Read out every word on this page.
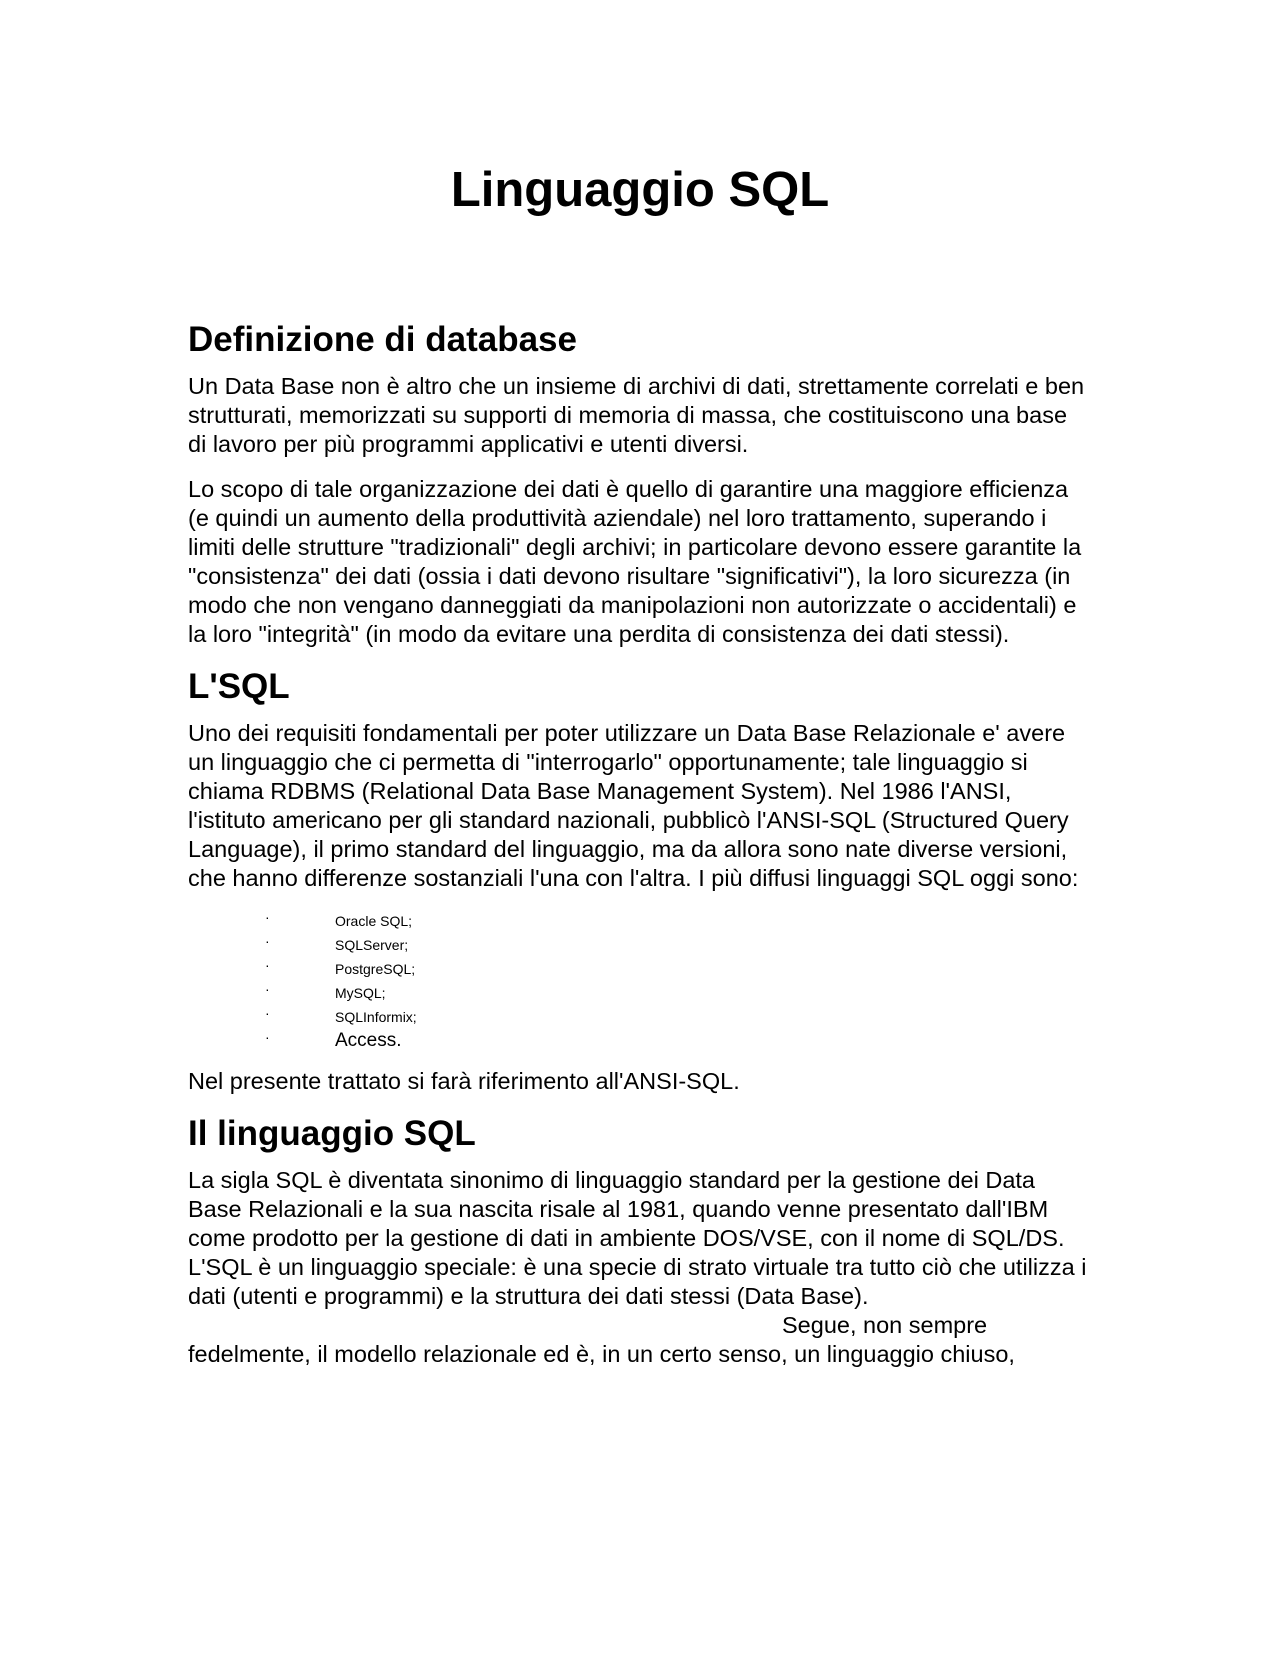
Linguaggio SQL
Definizione di database

Un Data Base non è altro che un insieme di archivi di dati, strettamente correlati e ben strutturati, memorizzati su supporti di memoria di massa, che costituiscono una base di lavoro per più programmi applicativi e utenti diversi.

Lo scopo di tale organizzazione dei dati è quello di garantire una maggiore efficienza (e quindi un aumento della produttività aziendale) nel loro trattamento, superando i limiti delle strutture "tradizionali" degli archivi; in particolare devono essere garantite la "consistenza" dei dati (ossia i dati devono risultare "significativi"), la loro sicurezza (in modo che non vengano danneggiati da manipolazioni non autorizzate o accidentali) e la loro "integrità" (in modo da evitare una perdita di consistenza dei dati stessi).

L'SQL

Uno dei requisiti fondamentali per poter utilizzare un Data Base Relazionale e' avere un linguaggio che ci permetta di "interrogarlo" opportunamente; tale linguaggio si chiama RDBMS (Relational Data Base Management System). Nel 1986 l'ANSI, l'istituto americano per gli standard nazionali, pubblicò l'ANSI-SQL (Structured Query Language), il primo standard del linguaggio, ma da allora sono nate diverse versioni, che hanno differenze sostanziali l'una con l'altra. I più diffusi linguaggi SQL oggi sono:

·	Oracle SQL;
·	SQLServer;
·	PostgreSQL;
·	MySQL;
·	SQLInformix;
·	Access.

Nel presente trattato si farà riferimento all'ANSI-SQL.

Il linguaggio SQL

La sigla SQL è diventata sinonimo di linguaggio standard per la gestione dei Data Base Relazionali e la sua nascita risale al 1981, quando venne presentato dall'IBM come prodotto per la gestione di dati in ambiente DOS/VSE, con il nome di SQL/DS. L'SQL è un linguaggio speciale: è una specie di strato virtuale tra tutto ciò che utilizza i dati (utenti e programmi) e la struttura dei dati stessi (Data Base).Segue, non sempre fedelmente, il modello relazionale ed è, in un certo senso, un linguaggio chiuso,
